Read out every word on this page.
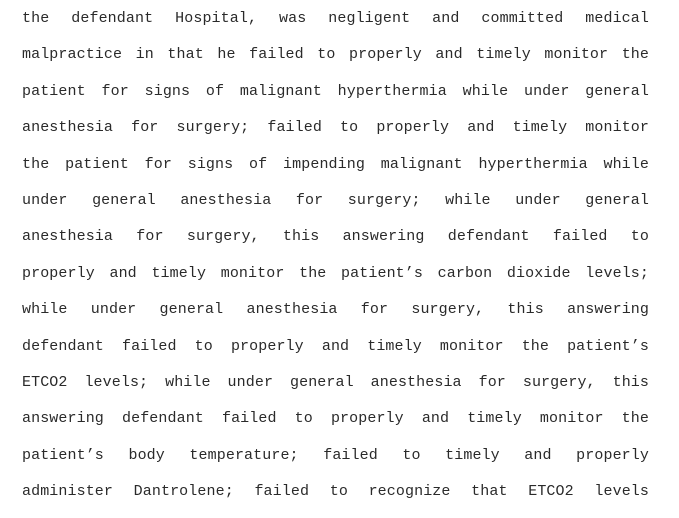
the defendant Hospital, was negligent and committed medical
malpractice in that he failed to properly and timely monitor the
patient for signs of malignant hyperthermia while under general
anesthesia for surgery; failed to properly and timely monitor
the patient for signs of impending malignant hyperthermia while
under general anesthesia for surgery; while under general
anesthesia for surgery, this answering defendant failed to
properly and timely monitor the patient’s carbon dioxide levels;
while under general anesthesia for surgery, this answering
defendant failed to properly and timely monitor the patient’s
ETCO2 levels; while under general anesthesia for surgery, this
answering defendant failed to properly and timely monitor the
patient’s body temperature; failed to timely and properly
administer Dantrolene; failed to recognize that ETCO2 levels
